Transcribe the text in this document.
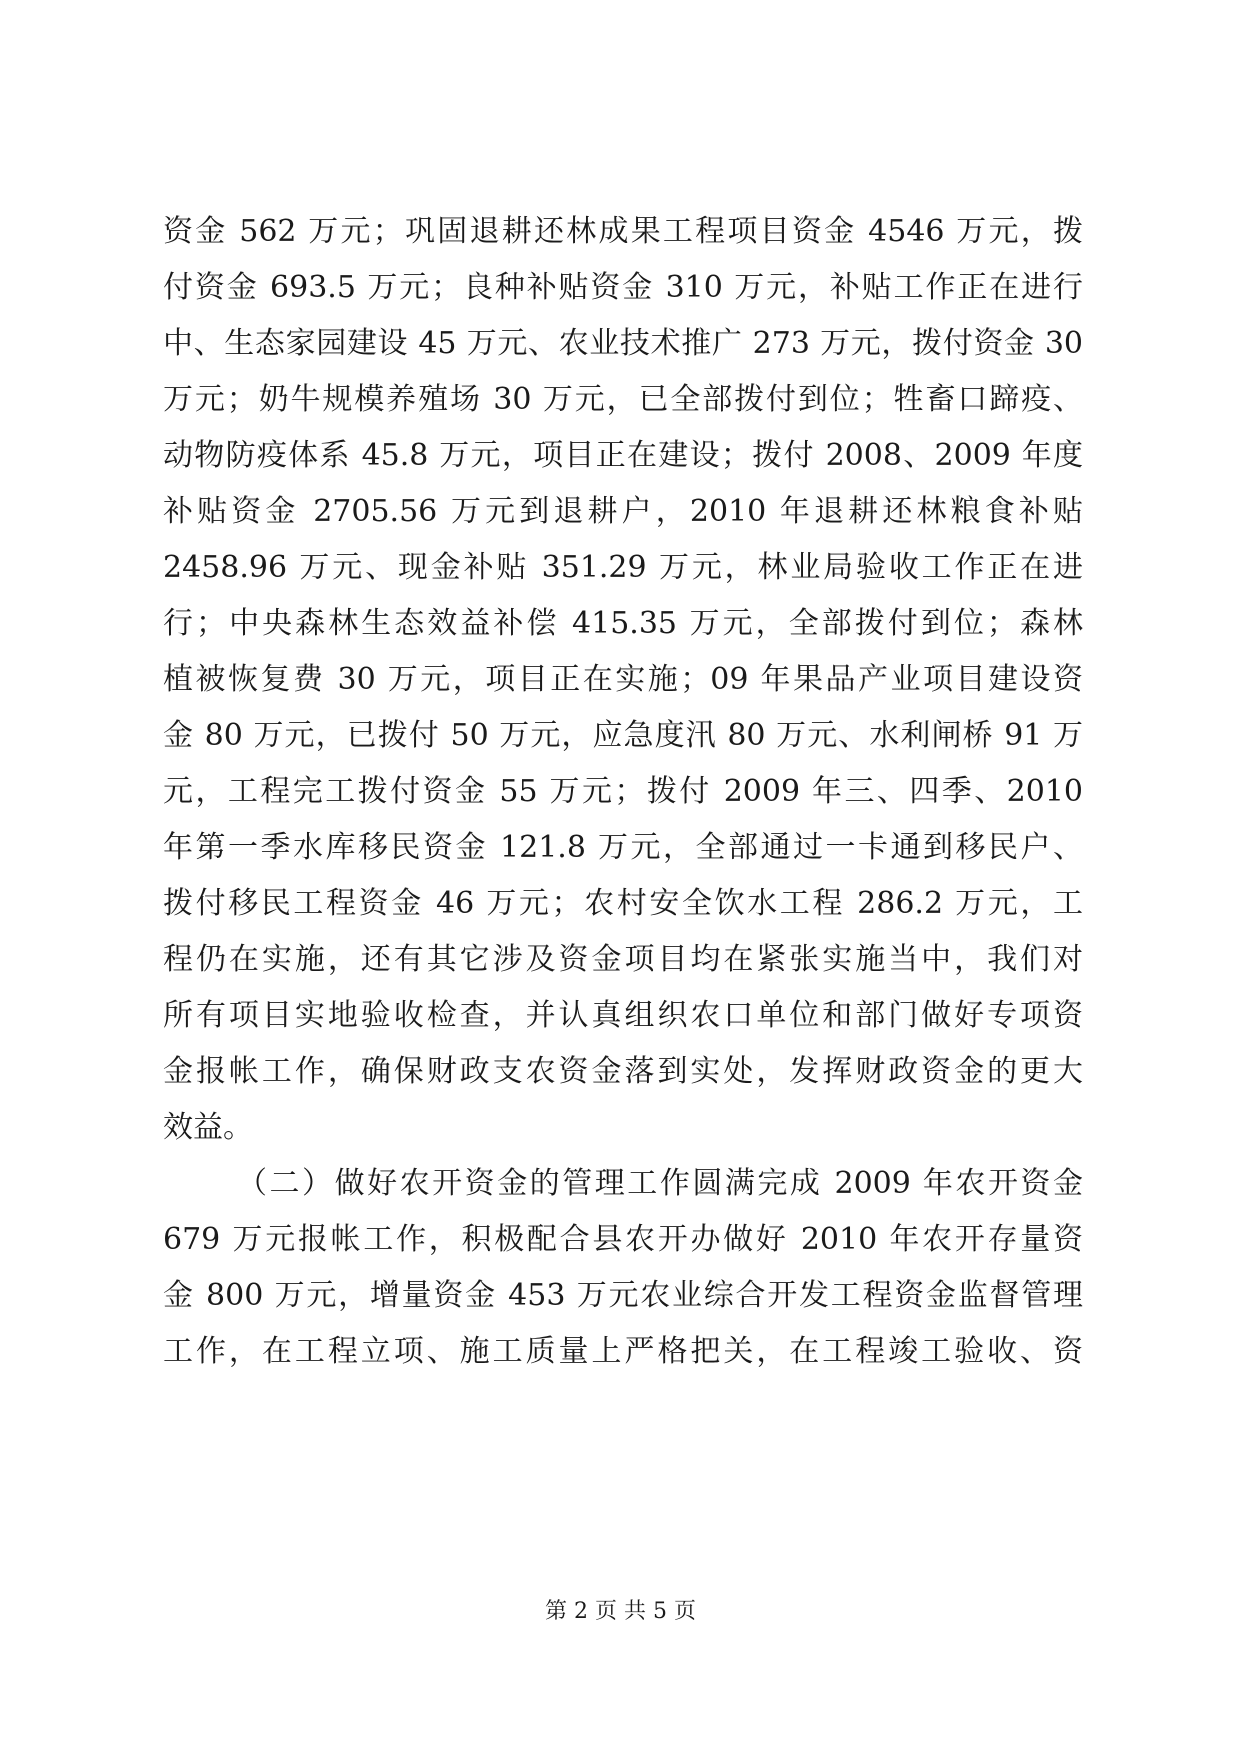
资金 562 万元；巩固退耕还林成果工程项目资金 4546 万元，拨
付资金 693.5 万元；良种补贴资金 310 万元，补贴工作正在进行
中、生态家园建设 45 万元、农业技术推广 273 万元，拨付资金 30
万元；奶牛规模养殖场 30 万元，已全部拨付到位；牲畜口蹄疫、
动物防疫体系 45.8 万元，项目正在建设；拨付 2008、2009 年度
补贴资金 2705.56 万元到退耕户，2010 年退耕还林粮食补贴
2458.96 万元、现金补贴 351.29 万元，林业局验收工作正在进
行；中央森林生态效益补偿 415.35 万元，全部拨付到位；森林
植被恢复费 30 万元，项目正在实施；09 年果品产业项目建设资
金 80 万元，已拨付 50 万元，应急度汛 80 万元、水利闸桥 91 万
元，工程完工拨付资金 55 万元；拨付 2009 年三、四季、2010
年第一季水库移民资金 121.8 万元，全部通过一卡通到移民户、
拨付移民工程资金 46 万元；农村安全饮水工程 286.2 万元，工
程仍在实施，还有其它涉及资金项目均在紧张实施当中，我们对
所有项目实地验收检查，并认真组织农口单位和部门做好专项资
金报帐工作，确保财政支农资金落到实处，发挥财政资金的更大
效益。
（二）做好农开资金的管理工作圆满完成 2009 年农开资金
679 万元报帐工作，积极配合县农开办做好 2010 年农开存量资
金 800 万元，增量资金 453 万元农业综合开发工程资金监督管理
工作，在工程立项、施工质量上严格把关，在工程竣工验收、资
第 2 页 共 5 页
